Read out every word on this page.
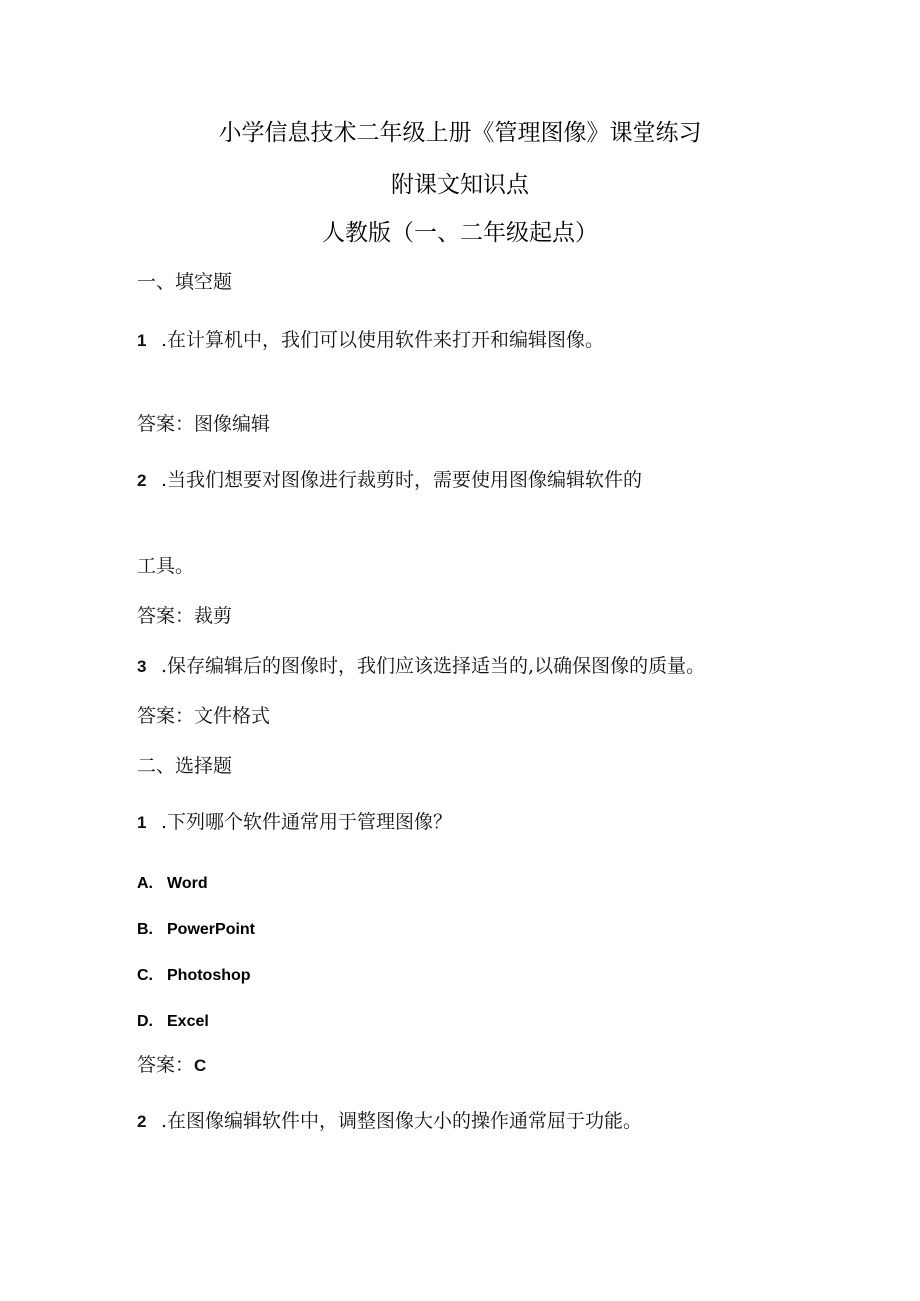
小学信息技术二年级上册《管理图像》课堂练习
附课文知识点
人教版（一、二年级起点）
一、填空题
1 .在计算机中，我们可以使用软件来打开和编辑图像。
答案：图像编辑
2 .当我们想要对图像进行裁剪时，需要使用图像编辑软件的
工具。
答案：裁剪
3 .保存编辑后的图像时，我们应该选择适当的,以确保图像的质量。
答案：文件格式
二、选择题
1 .下列哪个软件通常用于管理图像？
A. Word
B. PowerPoint
C. Photoshop
D. Excel
答案：C
2 .在图像编辑软件中，调整图像大小的操作通常屈于功能。
